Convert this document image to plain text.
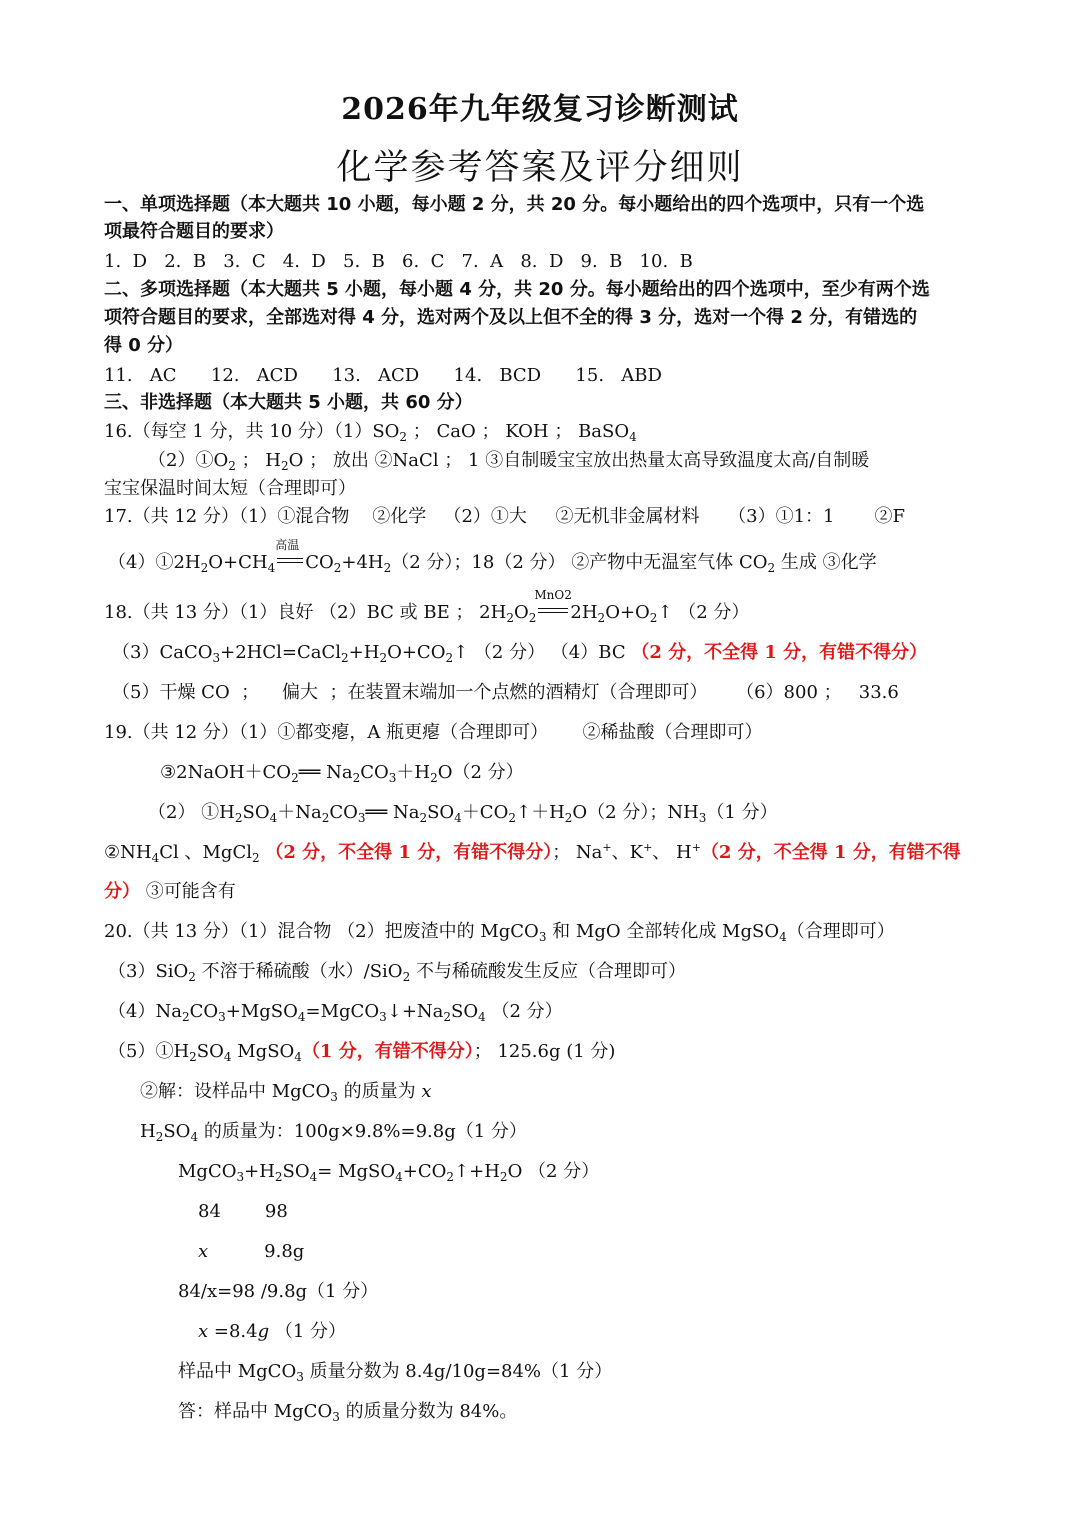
2026年九年级复习诊断测试
化学参考答案及评分细则
一、单项选择题（本大题共 10 小题，每小题 2 分，共 20 分。每小题给出的四个选项中，只有一个选
项最符合题目的要求）
1.  D   2.  B   3.  C   4.  D   5.  B   6.  C   7.  A   8.  D   9.  B   10.  B
二、多项选择题（本大题共 5 小题，每小题 4 分，共 20 分。每小题给出的四个选项中，至少有两个选
项符合题目的要求，全部选对得 4 分，选对两个及以上但不全的得 3 分，选对一个得 2 分，有错选的
得 0 分）
11.   AC      12.   ACD      13.   ACD      14.   BCD      15.   ABD
三、非选择题（本大题共 5 小题，共 60 分）
16.（每空 1 分，共 10 分）$(1)SO_2$ ； CaO ； KOH ； BaSO$_4$
$(2)①O_2$ ； $H_2O$ ； 放出 ②NaCl ； 1 ③自制暖宝宝放出热量太高导致温度太高/自制暖
宝宝保温时间太短（合理即可）
17.（共 12 分）（1）①混合物    ②化学   （2）①大     ②无机非金属材料     （3）①1：1       ②F
$(4)①2H_2O+CH_4$
高温
$CO_2+4H_2(2$ 分）；18（2 分） ②产物中无温室气体 $CO_2$ 生成 ③化学
18.（共 13 分）（1）良好 （2）BC 或 BE ； $2H_2O_2$
MnO2
$2H_2O+O_2↑$ （2 分）
$(3)CaCO_3+2HCl=CaCl_2+H_2O+CO_2↑$ （2 分） （4）BC （2 分，不全得 1 分，有错不得分）
（5）干燥 CO  ；    偏大  ；在装置末端加一个点燃的酒精灯（合理即可）     （6）800 ；   33.6
19.（共 12 分）（1）①都变瘪，A 瓶更瘪（合理即可）      ②稀盐酸（合理即可）
$③2NaOH+CO_2══$ $Na_2CO_3+H_2O(2$ 分）
（2） $①H_2SO_4+Na_2CO_3══$ $Na_2SO_4+CO_2↑+H_2O(2$ 分）；$NH_3(1$ 分）
$②NH_4Cl$ 、MgCl$_2$ （2 分，不全得 1 分，有错不得分）； Na+、K+、 H+（2 分，不全得 1 分，有错不得
分） ③可能含有
20.（共 13 分）（1）混合物 （2）把废渣中的 MgCO$_3$ 和 MgO 全部转化成 MgSO$_4$（合理即可）
（3）SiO$_2$ 不溶于稀硫酸（水）/SiO$_2$ 不与稀硫酸发生反应（合理即可）
$(4)Na_2CO_3+MgSO_4=MgCO_3↓+Na_2SO_4$ （2 分）
$(5)①H_2SO_4$ MgSO$_4$（1 分，有错不得分）； 125.6g (1 分)
②解：设样品中 MgCO$_3$ 的质量为 x
$H_2SO_4$ 的质量为：100g×9.8%=9.8g（1 分）
$MgCO_3+H_2SO_4=$ $MgSO_4+CO_2↑+H_2O$ （2 分）
84 98
x	9.8g
84/x=98 /9.8g（1 分）
x =8.4g （1 分）
样品中 MgCO$_3$ 质量分数为 8.4g/10g=84%（1 分）
答：样品中 MgCO$_3$ 的质量分数为 84%。
